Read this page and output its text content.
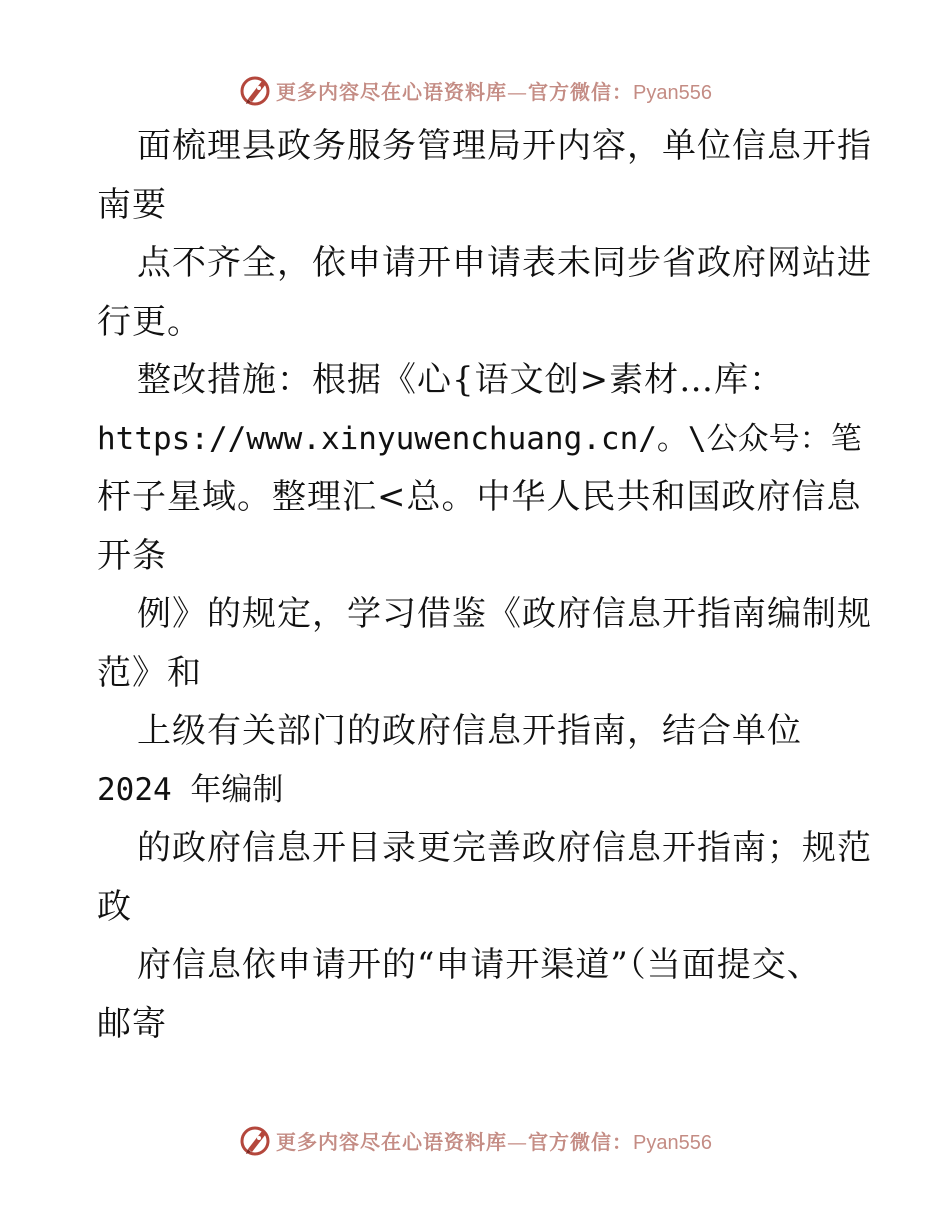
更多内容尽在心语资料库—官方微信：Pyan556
面梳理县政务服务管理局开内容，单位信息开指
南要
点不齐全，依申请开申请表未同步省政府网站进
行更。
整改措施：根据《心{语文创>素材…库：
https://www.xinyuwenchuang.cn/。\公众号：笔
杆子星域。整理汇<总。中华人民共和国政府信息
开条
例》的规定，学习借鉴《政府信息开指南编制规
范》和
上级有关部门的政府信息开指南，结合单位
2024 年编制
的政府信息开目录更完善政府信息开指南；规范
政
府信息依申请开的“申请开渠道”（当面提交、
邮寄
更多内容尽在心语资料库—官方微信：Pyan556
